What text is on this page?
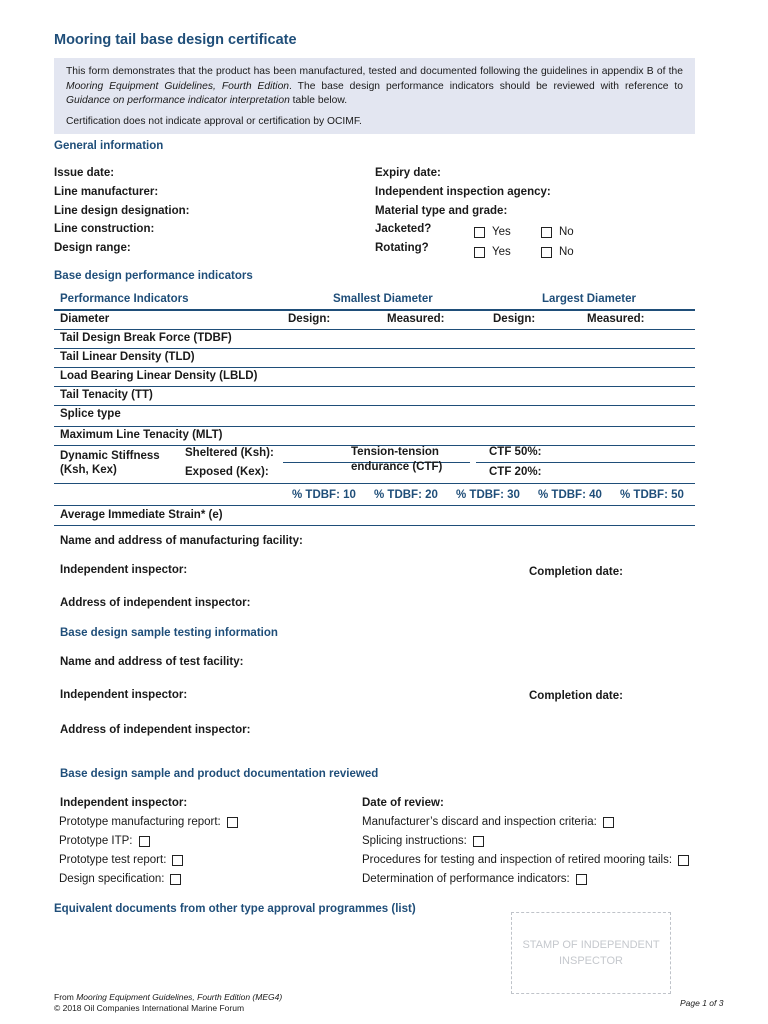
Mooring tail base design certificate

This form demonstrates that the product has been manufactured, tested and documented following the guidelines in appendix B of the Mooring Equipment Guidelines, Fourth Edition. The base design performance indicators should be reviewed with reference to Guidance on performance indicator interpretation table below.

Certification does not indicate approval or certification by OCIMF.

General information
Issue date:
Line manufacturer:
Line design designation:
Line construction:
Design range:
Expiry date:
Independent inspection agency:
Material type and grade:
Jacketed?
Rotating?
Yes	No
Yes	No
Base design performance indicators
Performance Indicators	Smallest Diameter	Largest Diameter
Diameter	Design:	Measured:	Design:	Measured:
Tail Design Break Force (TDBF)
Tail Linear Density (TLD)
Load Bearing Linear Density (LBLD)
Tail Tenacity (TT)
Splice type
Maximum Line Tenacity (MLT)
Dynamic Stiffness
(Ksh, Kex)
Sheltered (Ksh):
Exposed (Kex):
Tension-tension
endurance (CTF)
CTF 50%:
CTF 20%:
% TDBF: 10 % TDBF: 20 % TDBF: 30 % TDBF: 40 % TDBF: 50
Average Immediate Strain* (e)
Name and address of manufacturing facility:
Independent inspector:	Completion date:
Address of independent inspector:
Base design sample testing information
Name and address of test facility:
Independent inspector:	Completion date:
Address of independent inspector:
Base design sample and product documentation reviewed
Independent inspector:	Date of review:
Prototype manufacturing report:
Prototype ITP:
Prototype test report:
Design specification:
Manufacturer’s discard and inspection criteria:
Splicing instructions:
Procedures for testing and inspection of retired mooring tails:
Determination of performance indicators:
Equivalent documents from other type approval programmes (list)
STAMP OF INDEPENDENT INSPECTOR
From Mooring Equipment Guidelines, Fourth Edition (MEG4)
© 2018 Oil Companies International Marine Forum	Page 1 of 3
